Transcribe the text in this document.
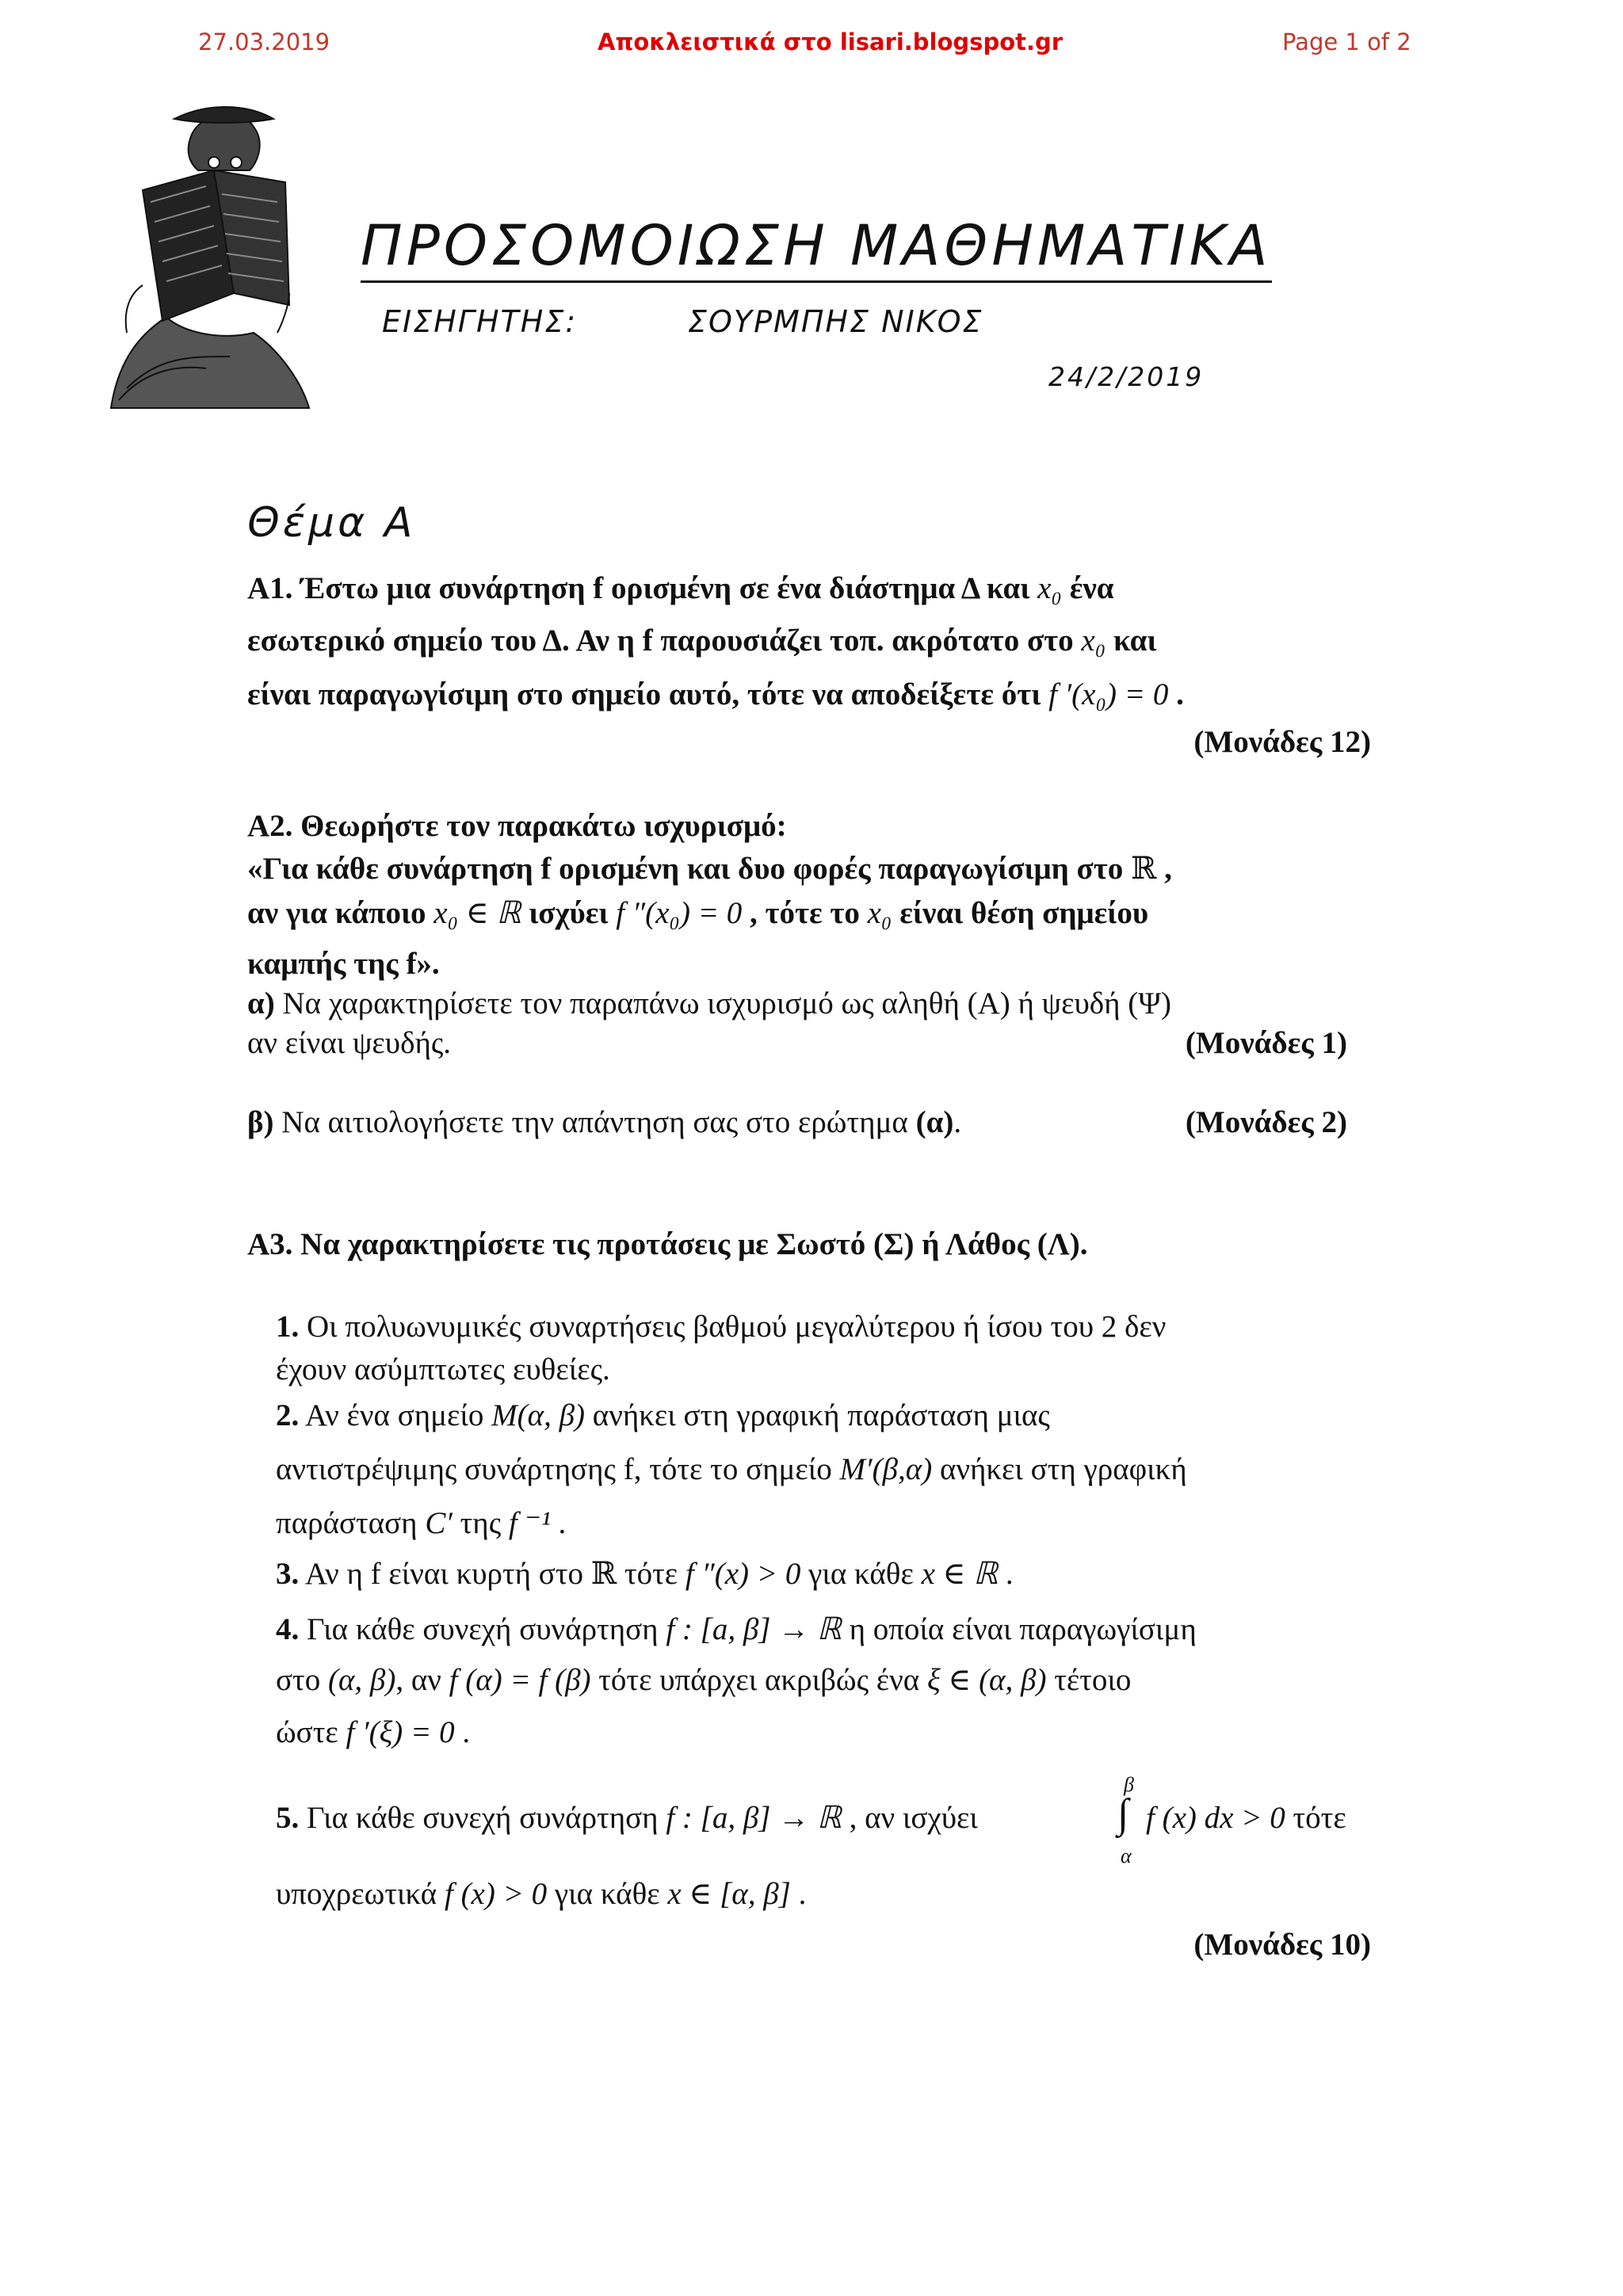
27.03.2019	Αποκλειστικά στο lisari.blogspot.gr	Page 1 of 2
ΠΡΟΣΟΜΟΙΩΣΗ ΜΑΘΗΜΑΤΙΚΑ
ΕΙΣΗΓΗΤΗΣ:	ΣΟΥΡΜΠΗΣ ΝΙΚΟΣ
24/2/2019
Θέμα Α
Α1. Έστω μια συνάρτηση f ορισμένη σε ένα διάστημα Δ και x₀ ένα
εσωτερικό σημείο του Δ. Αν η f παρουσιάζει τοπ. ακρότατο στο x₀ και
είναι παραγωγίσιμη στο σημείο αυτό, τότε να αποδείξετε ότι f ′(x₀) = 0 .
(Μονάδες 12)
Α2. Θεωρήστε τον παρακάτω ισχυρισμό:
«Για κάθε συνάρτηση f ορισμένη και δυο φορές παραγωγίσιμη στο ℝ ,
αν για κάποιο x₀ ∈ ℝ ισχύει f ″(x₀) = 0 , τότε το x₀ είναι θέση σημείου
καμπής της f».
α) Να χαρακτηρίσετε τον παραπάνω ισχυρισμό ως αληθή (Α) ή ψευδή (Ψ)
αν είναι ψευδής.	(Μονάδες 1)
β) Να αιτιολογήσετε την απάντηση σας στο ερώτημα (α).	(Μονάδες 2)
Α3. Να χαρακτηρίσετε τις προτάσεις με Σωστό (Σ) ή Λάθος (Λ).
1. Οι πολυωνυμικές συναρτήσεις βαθμού μεγαλύτερου ή ίσου του 2 δεν
έχουν ασύμπτωτες ευθείες.
2. Αν ένα σημείο Μ(α, β) ανήκει στη γραφική παράσταση μιας
αντιστρέψιμης συνάρτησης f, τότε το σημείο Μ′(β,α) ανήκει στη γραφική
παράσταση C′ της f ⁻¹ .
3. Αν η f είναι κυρτή στο ℝ τότε f ″(x) > 0 για κάθε x ∈ ℝ .
4. Για κάθε συνεχή συνάρτηση f : [a, β] → ℝ η οποία είναι παραγωγίσιμη
στο (α, β), αν f (α) = f (β) τότε υπάρχει ακριβώς ένα ξ ∈ (α, β) τέτοιο
ώστε f ′(ξ) = 0 .
5. Για κάθε συνεχή συνάρτηση f : [a, β] → ℝ , αν ισχύει
β
∫
α
f (x) dx > 0 τότε
υποχρεωτικά f (x) > 0 για κάθε x ∈ [α, β] .
(Μονάδες 10)
